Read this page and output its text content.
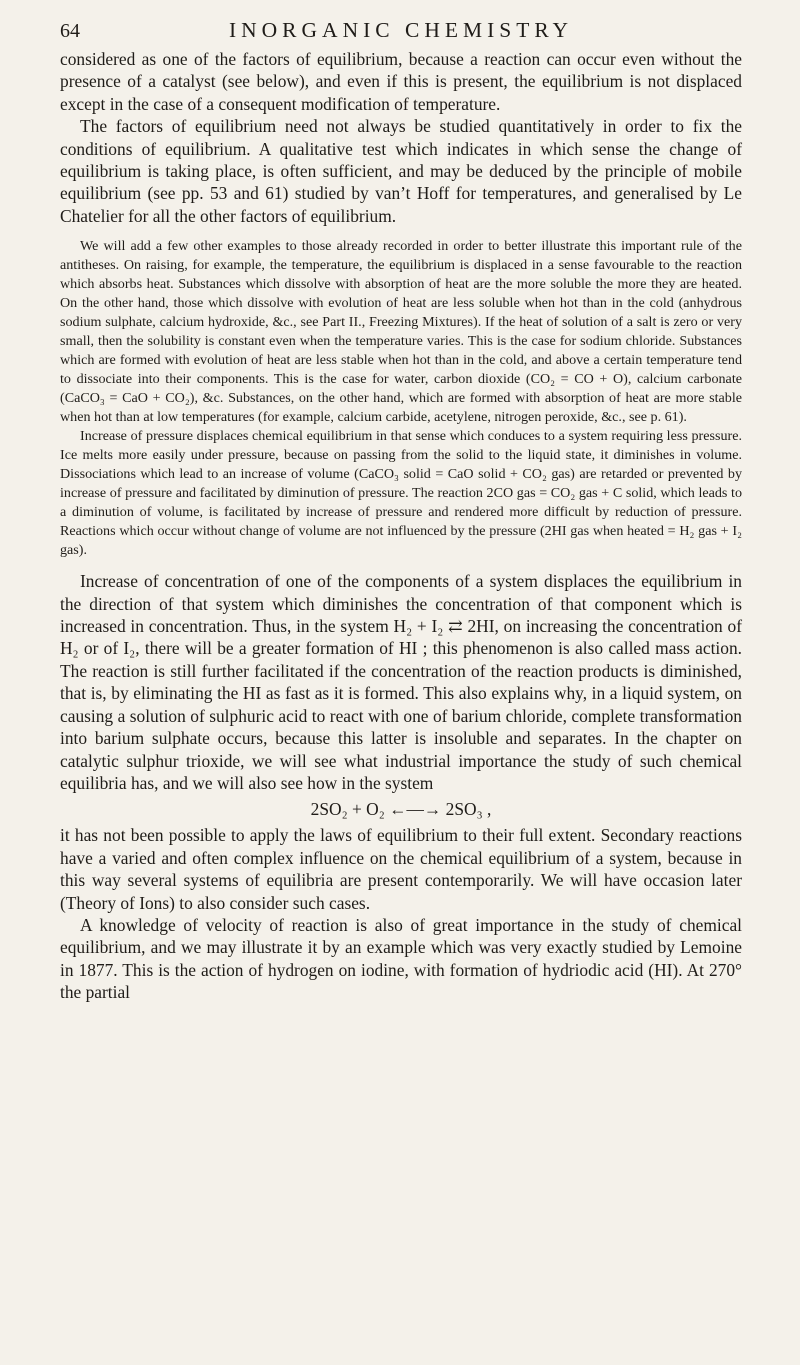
64	INORGANIC CHEMISTRY

considered as one of the factors of equilibrium, because a reaction can occur even without the presence of a catalyst (see below), and even if this is present, the equilibrium is not displaced except in the case of a consequent modification of temperature.

The factors of equilibrium need not always be studied quantitatively in order to fix the conditions of equilibrium. A qualitative test which indicates in which sense the change of equilibrium is taking place, is often sufficient, and may be deduced by the principle of mobile equilibrium (see pp. 53 and 61) studied by van’t Hoff for temperatures, and generalised by Le Chatelier for all the other factors of equilibrium.

We will add a few other examples to those already recorded in order to better illustrate this important rule of the antitheses. On raising, for example, the temperature, the equilibrium is displaced in a sense favourable to the reaction which absorbs heat. Substances which dissolve with absorption of heat are the more soluble the more they are heated. On the other hand, those which dissolve with evolution of heat are less soluble when hot than in the cold (anhydrous sodium sulphate, calcium hydroxide, &c., see Part II., Freezing Mixtures). If the heat of solution of a salt is zero or very small, then the solubility is constant even when the temperature varies. This is the case for sodium chloride. Substances which are formed with evolution of heat are less stable when hot than in the cold, and above a certain temperature tend to dissociate into their components. This is the case for water, carbon dioxide (CO₂ = CO + O), calcium carbonate (CaCO₃ = CaO + CO₂), &c. Substances, on the other hand, which are formed with absorption of heat are more stable when hot than at low temperatures (for example, calcium carbide, acetylene, nitrogen peroxide, &c., see p. 61).

Increase of pressure displaces chemical equilibrium in that sense which conduces to a system requiring less pressure. Ice melts more easily under pressure, because on passing from the solid to the liquid state, it diminishes in volume. Dissociations which lead to an increase of volume (CaCO₃ solid = CaO solid + CO₂ gas) are retarded or prevented by increase of pressure and facilitated by diminution of pressure. The reaction 2CO gas = CO₂ gas + C solid, which leads to a diminution of volume, is facilitated by increase of pressure and rendered more difficult by reduction of pressure. Reactions which occur without change of volume are not influenced by the pressure (2HI gas when heated = H₂ gas + I₂ gas).

Increase of concentration of one of the components of a system displaces the equilibrium in the direction of that system which diminishes the concentration of that component which is increased in concentration. Thus, in the system H₂ + I₂ ⇄ 2HI, on increasing the concentration of H₂ or of I₂, there will be a greater formation of HI ; this phenomenon is also called mass action. The reaction is still further facilitated if the concentration of the reaction products is diminished, that is, by eliminating the HI as fast as it is formed. This also explains why, in a liquid system, on causing a solution of sulphuric acid to react with one of barium chloride, complete transformation into barium sulphate occurs, because this latter is insoluble and separates. In the chapter on catalytic sulphur trioxide, we will see what industrial importance the study of such chemical equilibria has, and we will also see how in the system

2SO₂ + O₂ ←—→ 2SO₃ ,

it has not been possible to apply the laws of equilibrium to their full extent. Secondary reactions have a varied and often complex influence on the chemical equilibrium of a system, because in this way several systems of equilibria are present contemporarily. We will have occasion later (Theory of Ions) to also consider such cases.

A knowledge of velocity of reaction is also of great importance in the study of chemical equilibrium, and we may illustrate it by an example which was very exactly studied by Lemoine in 1877. This is the action of hydrogen on iodine, with formation of hydriodic acid (HI). At 270° the partial
